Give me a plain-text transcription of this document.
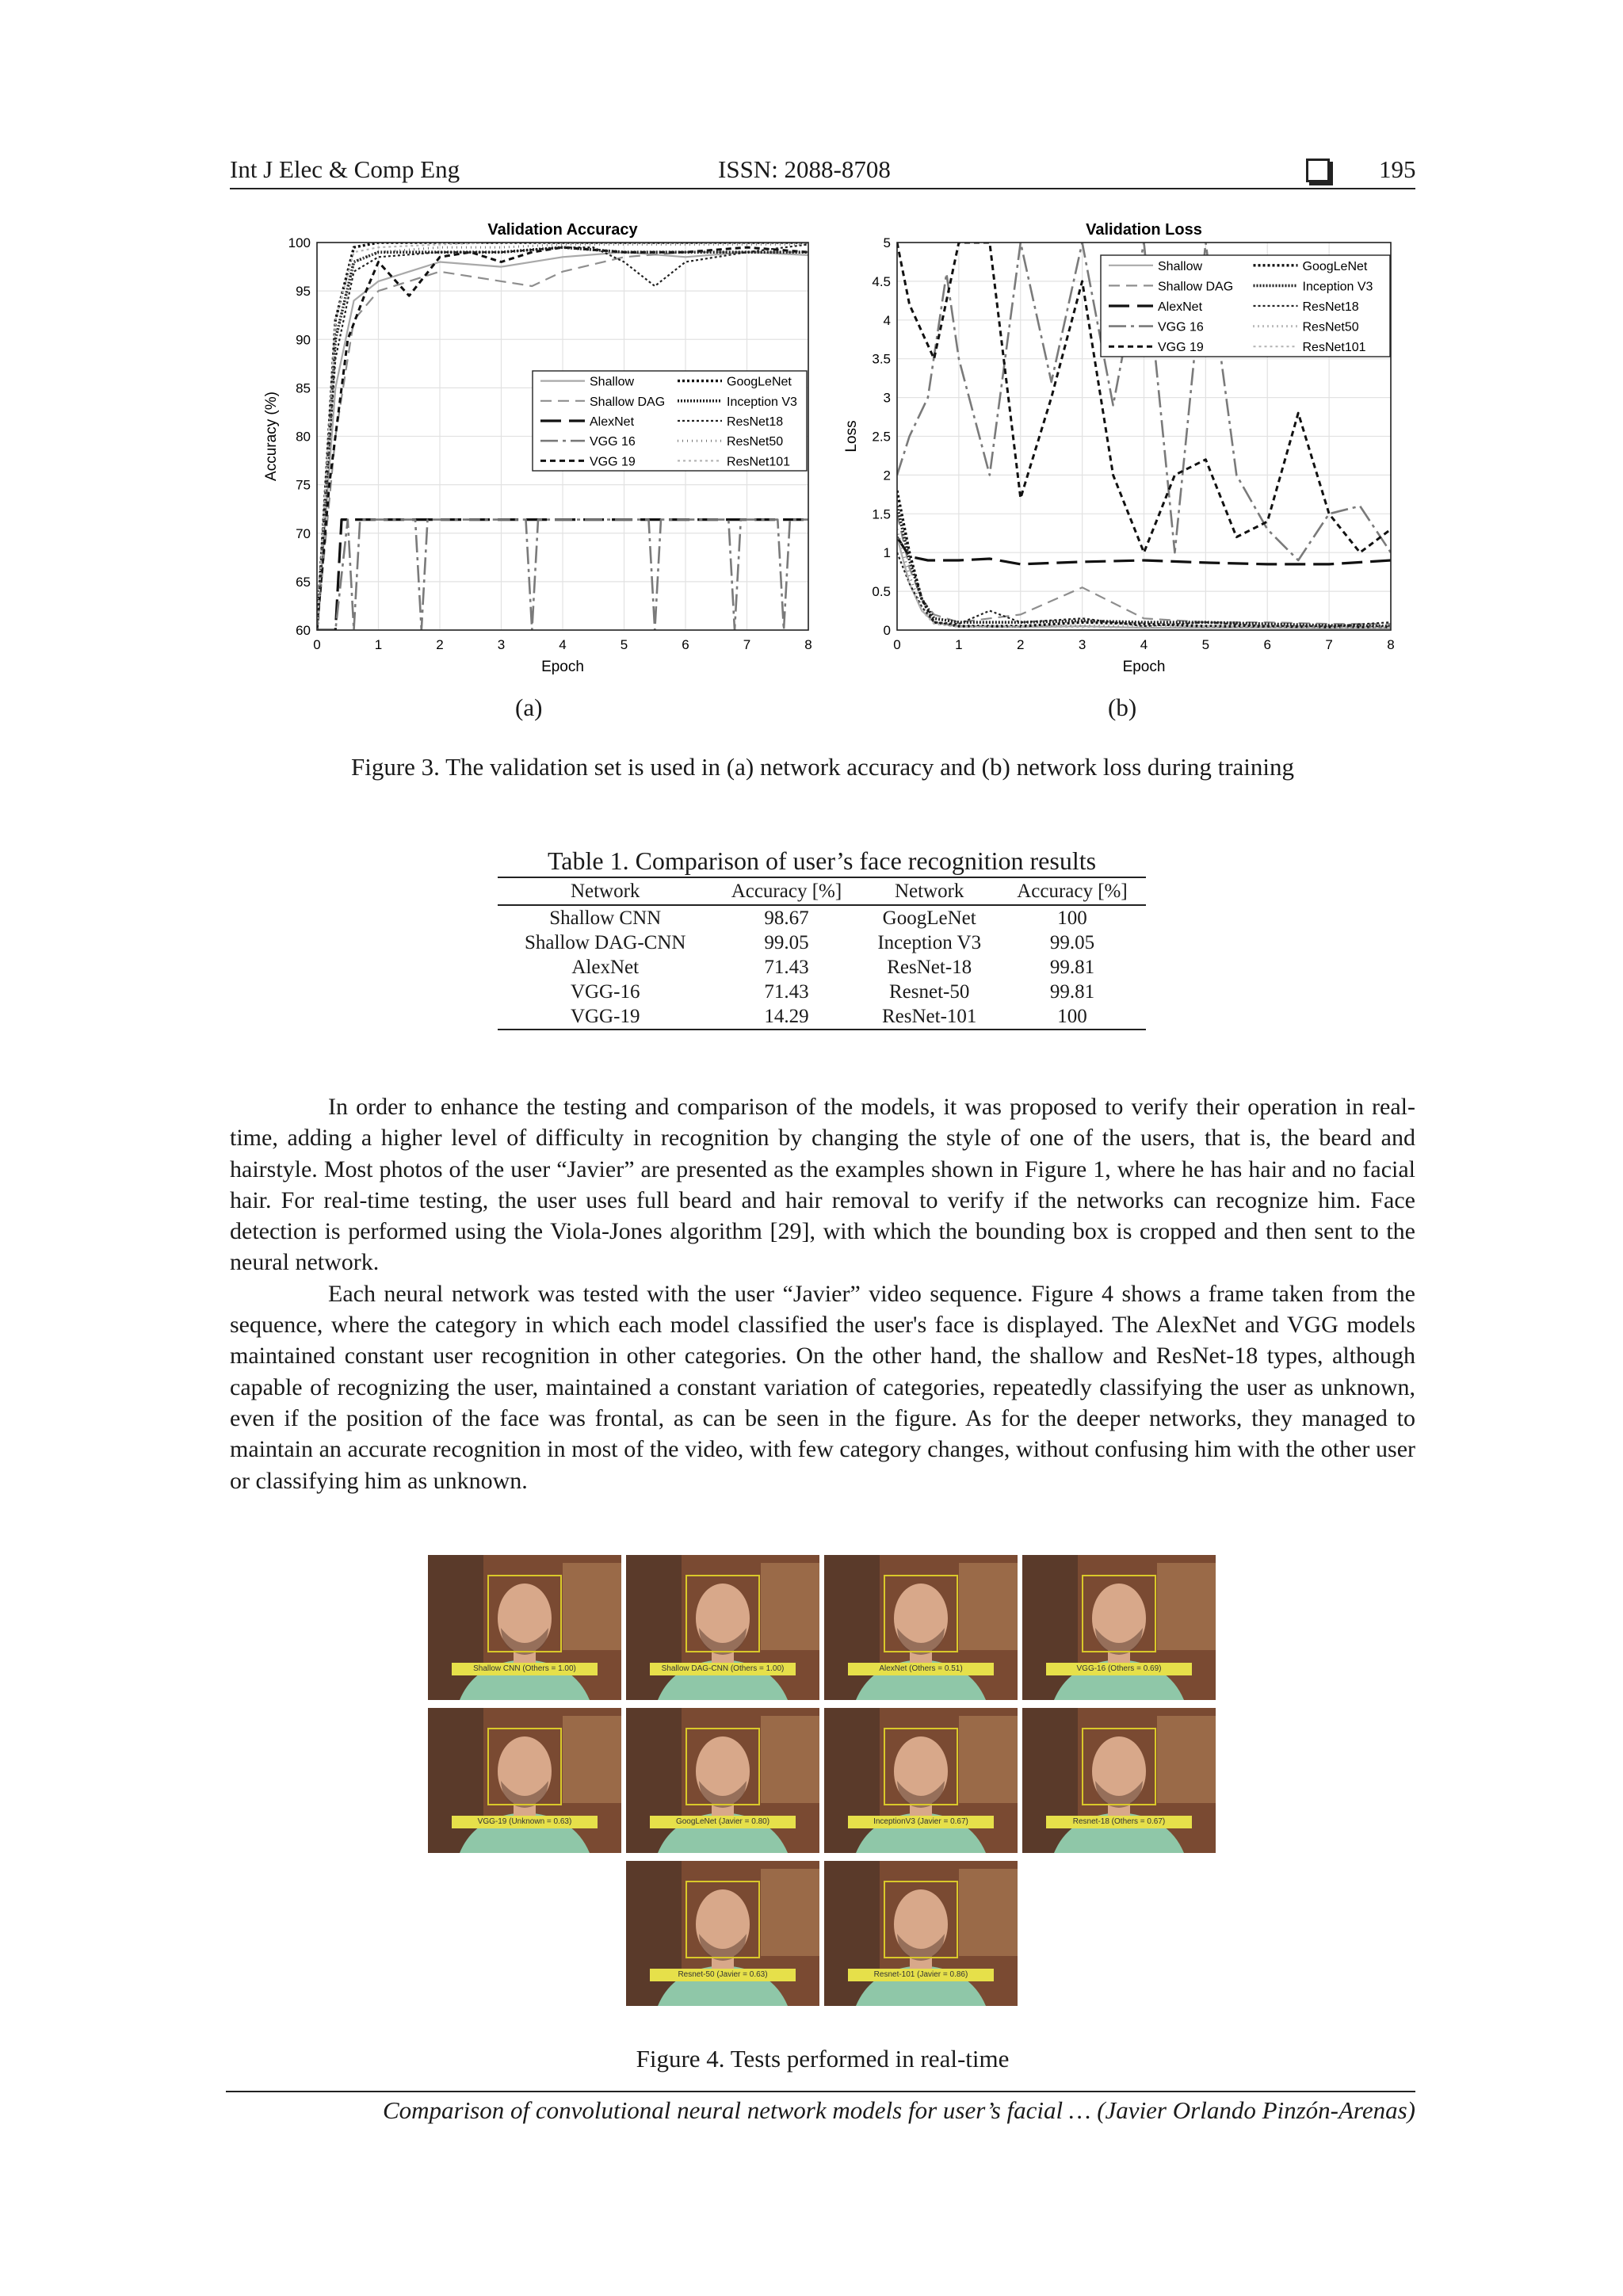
Int J Elec & Comp Eng	ISSN: 2088-8708	195
Validation Accuracy
0	1	2	3	4	5	6	7	8
60
65
70
75
80
85
90
95
100
Epoch
Accuracy (%)
Shallow
Shallow DAG
AlexNet
VGG 16
VGG 19
GoogLeNet
Inception V3
ResNet18
ResNet50
ResNet101
Validation Loss
0	1	2	3	4	5	6	7	8
0
0.5
1
1.5
2
2.5
3
3.5
4
4.5
5
Epoch
Loss
Shallow
Shallow DAG
AlexNet
VGG 16
VGG 19
GoogLeNet
Inception V3
ResNet18
ResNet50
ResNet101
(a)	(b)
Figure 3. The validation set is used in (a) network accuracy and (b) network loss during training
Table 1. Comparison of user’s face recognition results
Network	Accuracy [%]	Network	Accuracy [%]
Shallow CNN	98.67	GoogLeNet	100
Shallow DAG-CNN	99.05	Inception V3	99.05
AlexNet	71.43	ResNet-18	99.81
VGG-16	71.43	Resnet-50	99.81
VGG-19	14.29	ResNet-101	100

In order to enhance the testing and comparison of the models, it was proposed to verify their operation in real-time, adding a higher level of difficulty in recognition by changing the style of one of the users, that is, the beard and hairstyle. Most photos of the user “Javier” are presented as the examples shown in Figure 1, where he has hair and no facial hair. For real-time testing, the user uses full beard and hair removal to verify if the networks can recognize him. Face detection is performed using the Viola-Jones algorithm [29], with which the bounding box is cropped and then sent to the neural network.

Each neural network was tested with the user “Javier” video sequence. Figure 4 shows a frame taken from the sequence, where the category in which each model classified the user's face is displayed. The AlexNet and VGG models maintained constant user recognition in other categories. On the other hand, the shallow and ResNet-18 types, although capable of recognizing the user, maintained a constant variation of categories, repeatedly classifying the user as unknown, even if the position of the face was frontal, as can be seen in the figure. As for the deeper networks, they managed to maintain an accurate recognition in most of the video, with few category changes, without confusing him with the other user or classifying him as unknown.

Shallow CNN (Others = 1.00)	Shallow DAG-CNN (Others = 1.00)	AlexNet (Others = 0.51)	VGG-16 (Others = 0.69)
VGG-19 (Unknown = 0.63)	GoogLeNet (Javier = 0.80)	InceptionV3 (Javier = 0.67)	Resnet-18 (Others = 0.67)
Resnet-50 (Javier = 0.63)	Resnet-101 (Javier = 0.86)
Figure 4. Tests performed in real-time
Comparison of convolutional neural network models for user’s facial … (Javier Orlando Pinzón-Arenas)
